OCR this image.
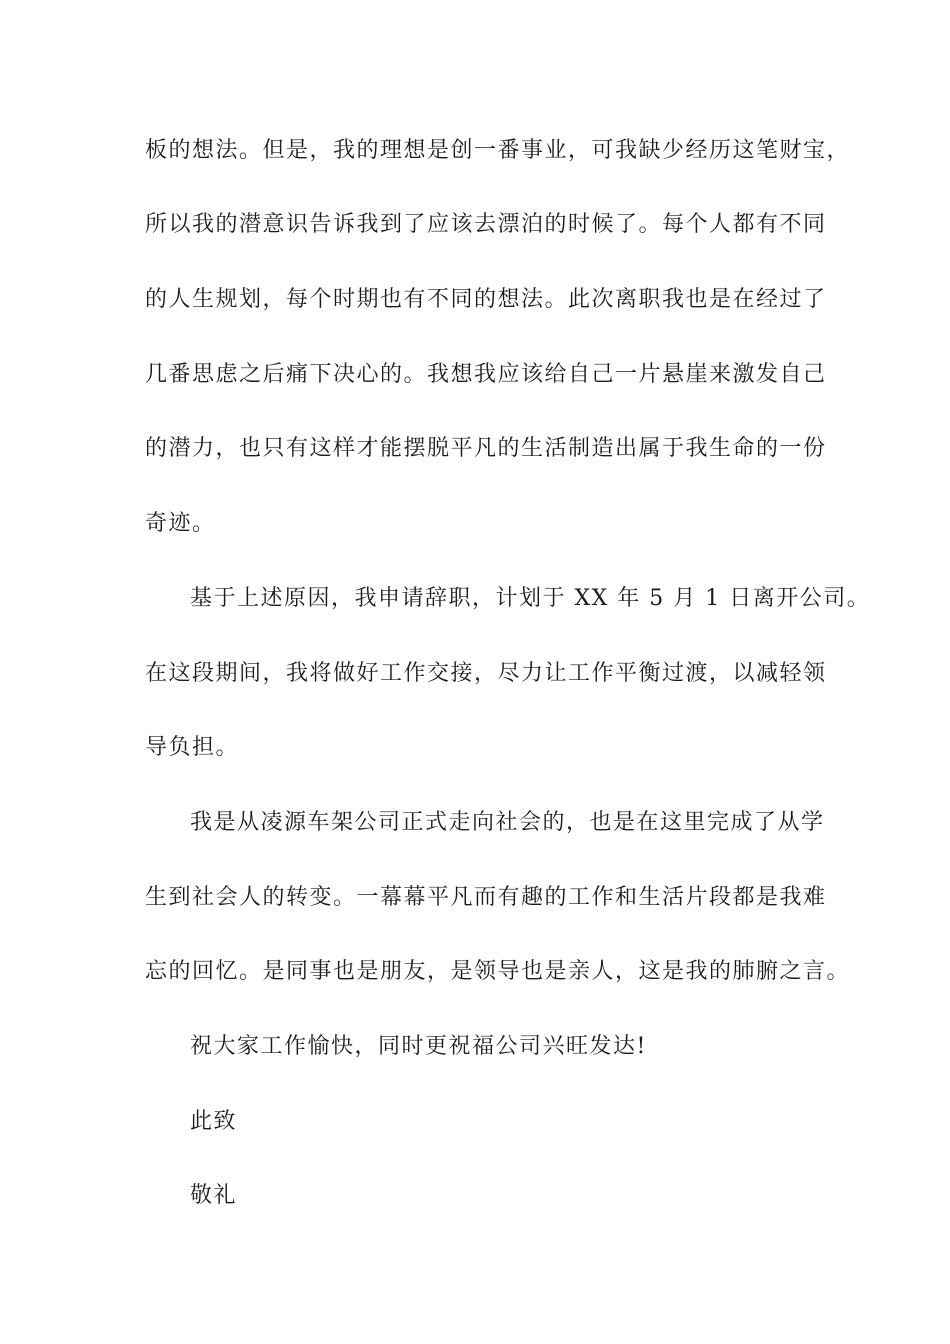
板的想法。但是，我的理想是创一番事业，可我缺少经历这笔财宝，
所以我的潜意识告诉我到了应该去漂泊的时候了。每个人都有不同
的人生规划，每个时期也有不同的想法。此次离职我也是在经过了
几番思虑之后痛下决心的。我想我应该给自己一片悬崖来激发自己
的潜力，也只有这样才能摆脱平凡的生活制造出属于我生命的一份
奇迹。
基于上述原因，我申请辞职，计划于 XX 年 5 月 1 日离开公司。
在这段期间，我将做好工作交接，尽力让工作平衡过渡，以减轻领
导负担。
我是从凌源车架公司正式走向社会的，也是在这里完成了从学
生到社会人的转变。一幕幕平凡而有趣的工作和生活片段都是我难
忘的回忆。是同事也是朋友，是领导也是亲人，这是我的肺腑之言。
祝大家工作愉快，同时更祝福公司兴旺发达!
此致
敬礼
